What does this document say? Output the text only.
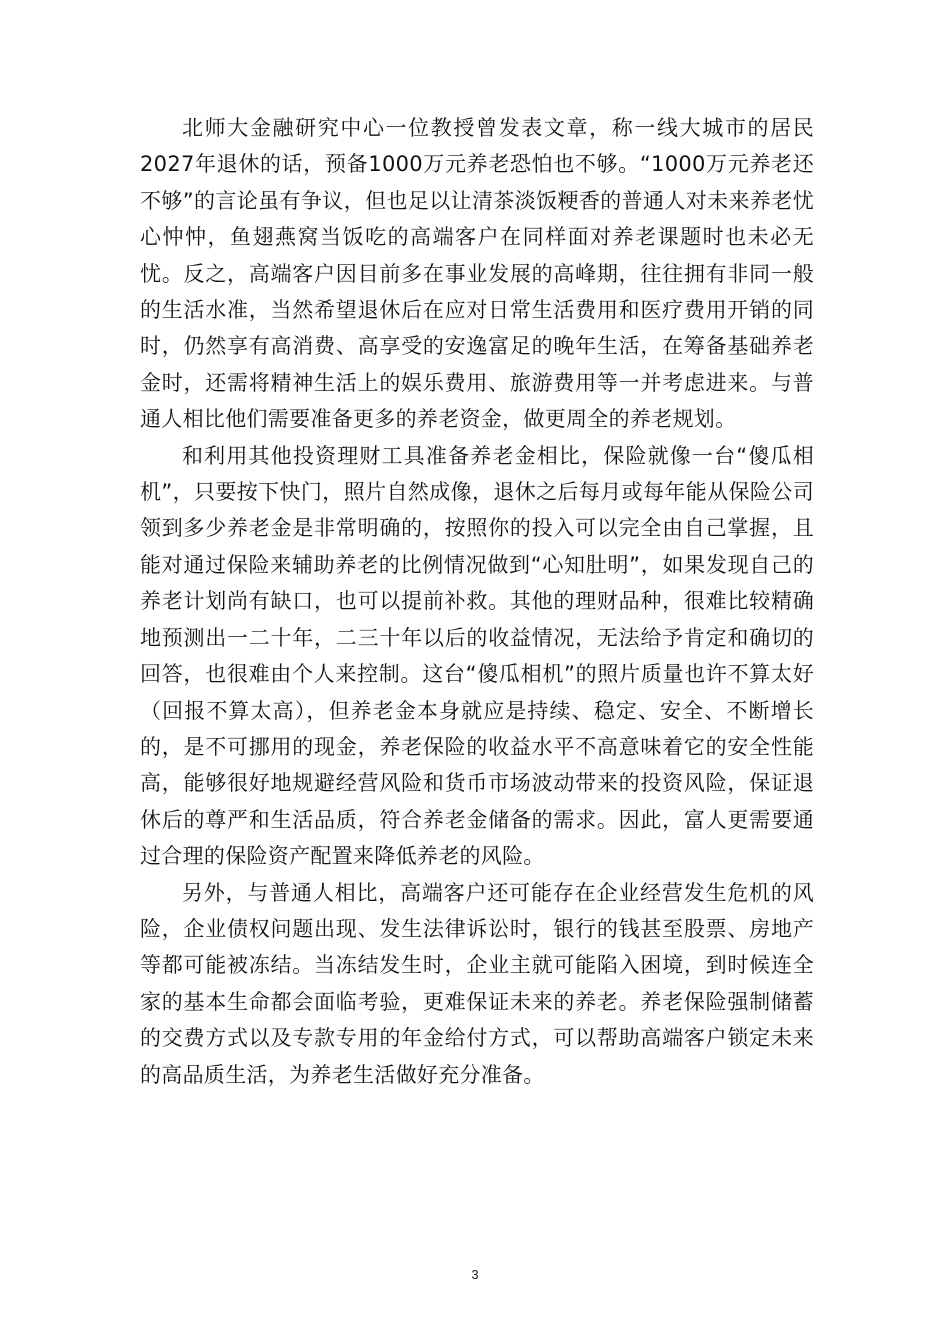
北师大金融研究中心一位教授曾发表文章，称一线大城市的居民2027年退休的话，预备1000万元养老恐怕也不够。“1000万元养老还不够”的言论虽有争议，但也足以让清茶淡饭粳香的普通人对未来养老忧心忡忡，鱼翅燕窝当饭吃的高端客户在同样面对养老课题时也未必无忧。反之，高端客户因目前多在事业发展的高峰期，往往拥有非同一般的生活水准，当然希望退休后在应对日常生活费用和医疗费用开销的同时，仍然享有高消费、高享受的安逸富足的晚年生活，在筹备基础养老金时，还需将精神生活上的娱乐费用、旅游费用等一并考虑进来。与普通人相比他们需要准备更多的养老资金，做更周全的养老规划。

和利用其他投资理财工具准备养老金相比，保险就像一台“傻瓜相机”，只要按下快门，照片自然成像，退休之后每月或每年能从保险公司领到多少养老金是非常明确的，按照你的投入可以完全由自己掌握，且能对通过保险来辅助养老的比例情况做到“心知肚明”，如果发现自己的养老计划尚有缺口，也可以提前补救。其他的理财品种，很难比较精确地预测出一二十年，二三十年以后的收益情况，无法给予肯定和确切的回答，也很难由个人来控制。这台“傻瓜相机”的照片质量也许不算太好（回报不算太高），但养老金本身就应是持续、稳定、安全、不断增长的，是不可挪用的现金，养老保险的收益水平不高意味着它的安全性能高，能够很好地规避经营风险和货币市场波动带来的投资风险，保证退休后的尊严和生活品质，符合养老金储备的需求。因此，富人更需要通过合理的保险资产配置来降低养老的风险。

另外，与普通人相比，高端客户还可能存在企业经营发生危机的风险，企业债权问题出现、发生法律诉讼时，银行的钱甚至股票、房地产等都可能被冻结。当冻结发生时，企业主就可能陷入困境，到时候连全家的基本生命都会面临考验，更难保证未来的养老。养老保险强制储蓄的交费方式以及专款专用的年金给付方式，可以帮助高端客户锁定未来的高品质生活，为养老生活做好充分准备。

3
